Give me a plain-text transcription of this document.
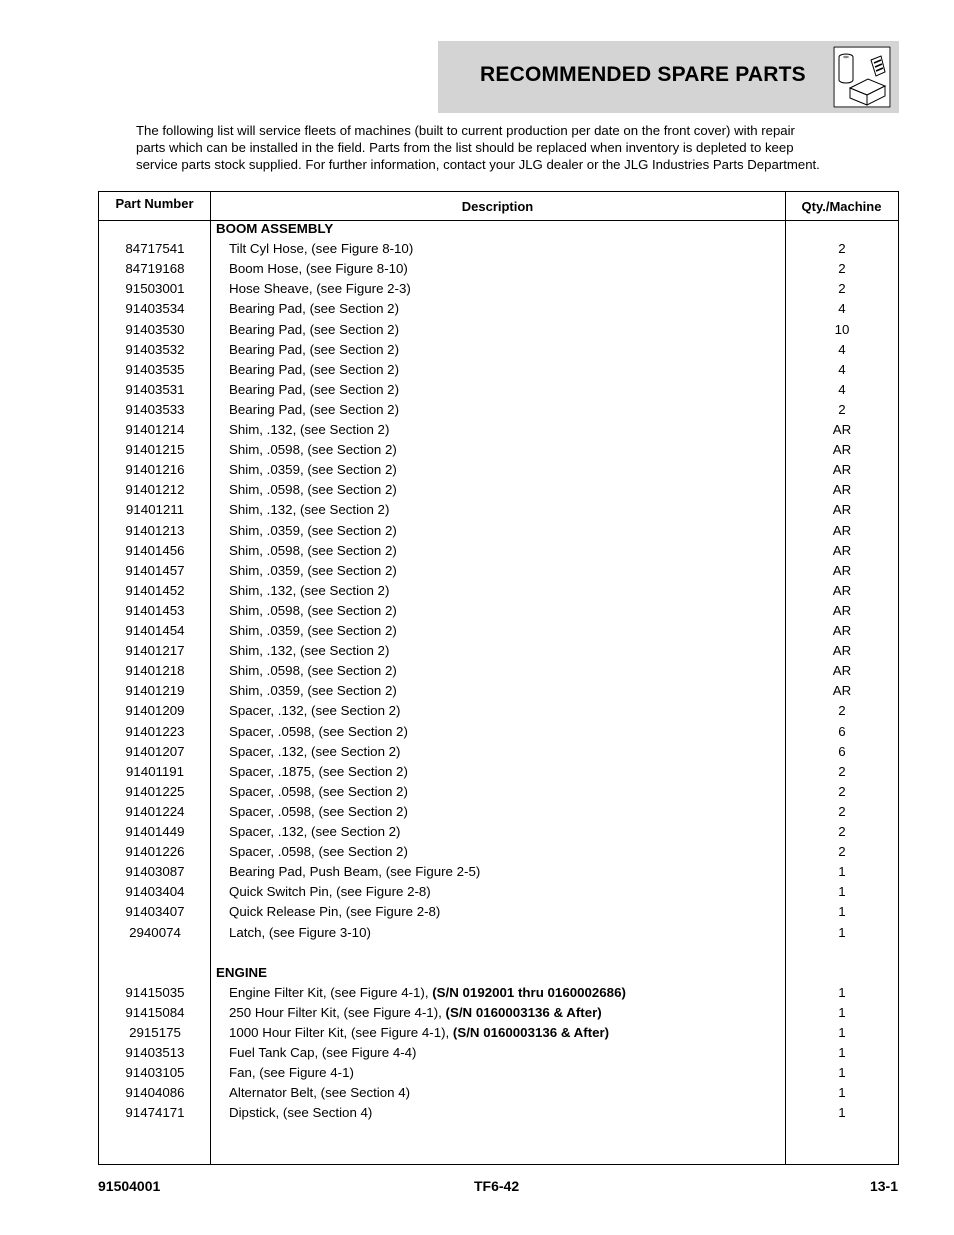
RECOMMENDED SPARE PARTS
The following list will service fleets of machines (built to current production per date on the front cover) with repair
parts which can be installed in the field. Parts from the list should be replaced when inventory is depleted to keep
service parts stock supplied. For further information, contact your JLG dealer or the JLG Industries Parts Department.
Part Number	Description	Qty./Machine
BOOM ASSEMBLY
84717541	Tilt Cyl Hose, (see Figure 8-10)	2
84719168	Boom Hose, (see Figure 8-10)	2
91503001	Hose Sheave, (see Figure 2-3)	2
91403534	Bearing Pad, (see Section 2)	4
91403530	Bearing Pad, (see Section 2)	10
91403532	Bearing Pad, (see Section 2)	4
91403535	Bearing Pad, (see Section 2)	4
91403531	Bearing Pad, (see Section 2)	4
91403533	Bearing Pad, (see Section 2)	2
91401214	Shim, .132, (see Section 2)	AR
91401215	Shim, .0598, (see Section 2)	AR
91401216	Shim, .0359, (see Section 2)	AR
91401212	Shim, .0598, (see Section 2)	AR
91401211	Shim, .132, (see Section 2)	AR
91401213	Shim, .0359, (see Section 2)	AR
91401456	Shim, .0598, (see Section 2)	AR
91401457	Shim, .0359, (see Section 2)	AR
91401452	Shim, .132, (see Section 2)	AR
91401453	Shim, .0598, (see Section 2)	AR
91401454	Shim, .0359, (see Section 2)	AR
91401217	Shim, .132, (see Section 2)	AR
91401218	Shim, .0598, (see Section 2)	AR
91401219	Shim, .0359, (see Section 2)	AR
91401209	Spacer, .132, (see Section 2)	2
91401223	Spacer, .0598, (see Section 2)	6
91401207	Spacer, .132, (see Section 2)	6
91401191	Spacer, .1875, (see Section 2)	2
91401225	Spacer, .0598, (see Section 2)	2
91401224	Spacer, .0598, (see Section 2)	2
91401449	Spacer, .132, (see Section 2)	2
91401226	Spacer, .0598, (see Section 2)	2
91403087	Bearing Pad, Push Beam, (see Figure 2-5)	1
91403404	Quick Switch Pin, (see Figure 2-8)	1
91403407	Quick Release Pin, (see Figure 2-8)	1
2940074	Latch, (see Figure 3-10)	1
ENGINE
91415035	Engine Filter Kit, (see Figure 4-1), (S/N 0192001 thru 0160002686)	1
91415084	250 Hour Filter Kit, (see Figure 4-1), (S/N 0160003136 & After)	1
2915175	1000 Hour Filter Kit, (see Figure 4-1), (S/N 0160003136 & After)	1
91403513	Fuel Tank Cap, (see Figure 4-4)	1
91403105	Fan, (see Figure 4-1)	1
91404086	Alternator Belt, (see Section 4)	1
91474171	Dipstick, (see Section 4)	1
91504001	TF6-42	13-1
